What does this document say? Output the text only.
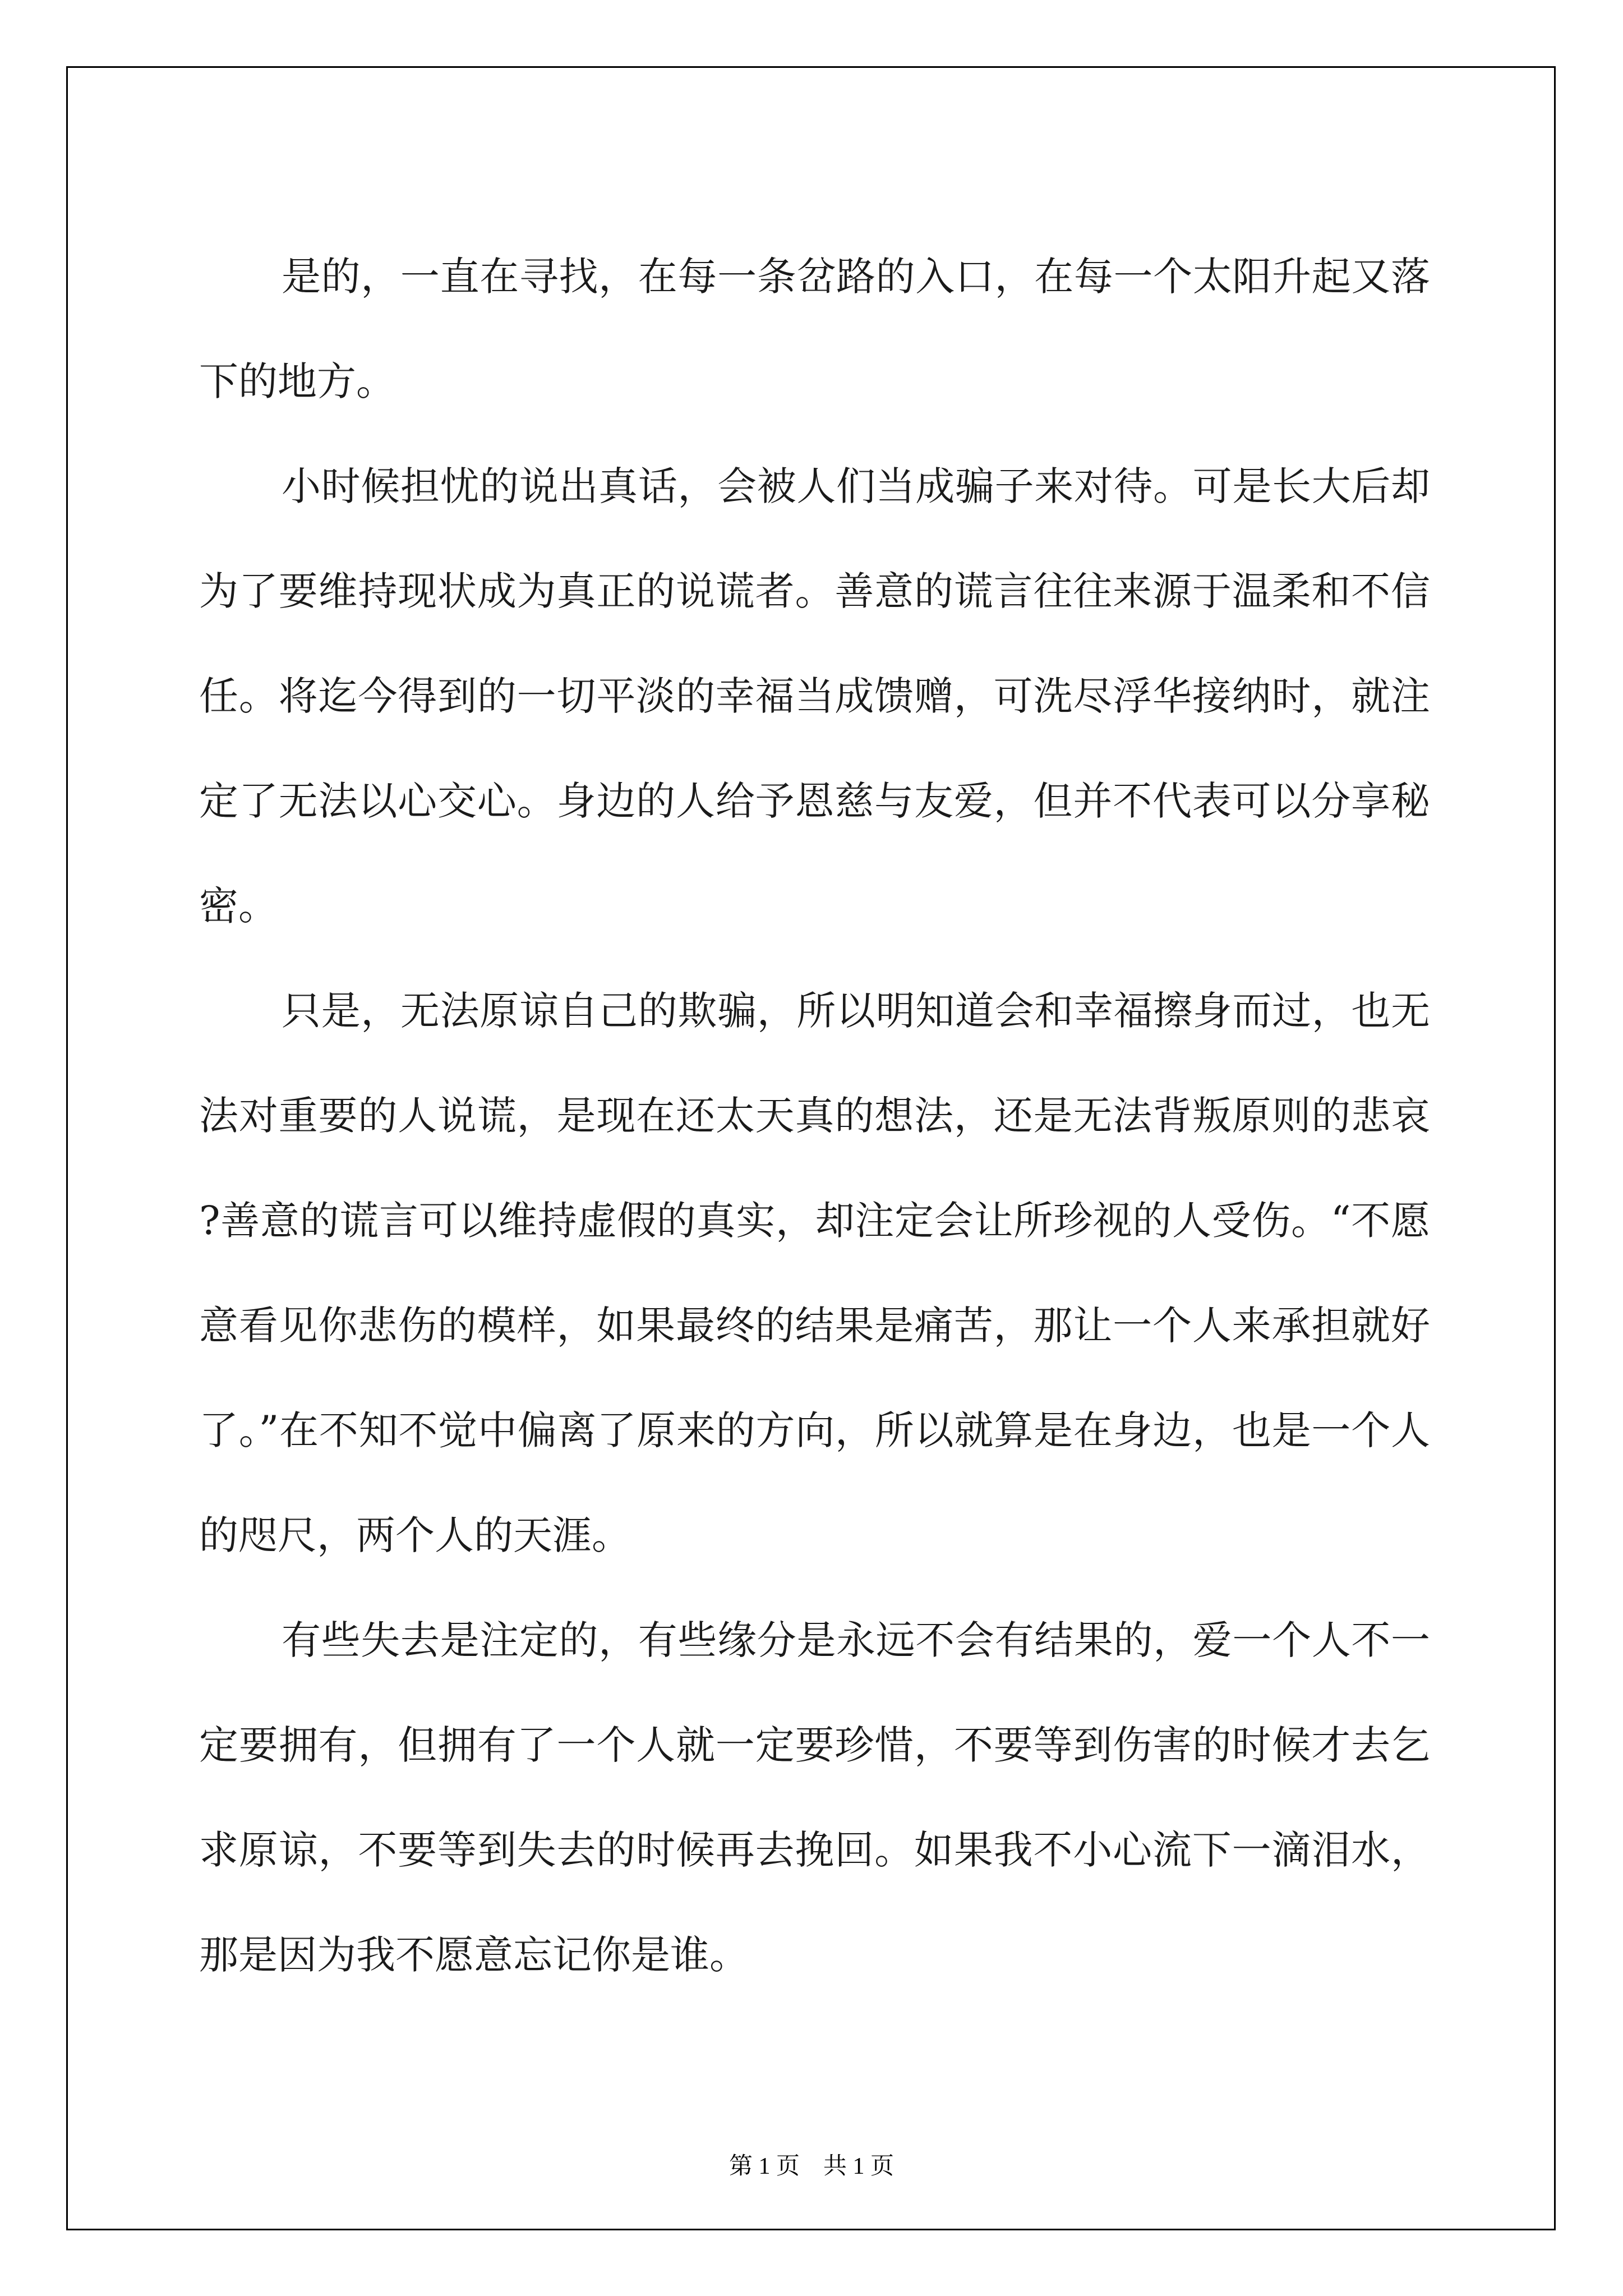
是的，一直在寻找，在每一条岔路的入口，在每一个太阳升起又落下的地方。

小时候担忧的说出真话，会被人们当成骗子来对待。可是长大后却为了要维持现状成为真正的说谎者。善意的谎言往往来源于温柔和不信任。将迄今得到的一切平淡的幸福当成馈赠，可洗尽浮华接纳时，就注定了无法以心交心。身边的人给予恩慈与友爱，但并不代表可以分享秘密。

只是，无法原谅自己的欺骗，所以明知道会和幸福擦身而过，也无法对重要的人说谎，是现在还太天真的想法，还是无法背叛原则的悲哀?善意的谎言可以维持虚假的真实，却注定会让所珍视的人受伤。“不愿意看见你悲伤的模样，如果最终的结果是痛苦，那让一个人来承担就好了。”在不知不觉中偏离了原来的方向，所以就算是在身边，也是一个人的咫尺，两个人的天涯。

有些失去是注定的，有些缘分是永远不会有结果的，爱一个人不一定要拥有，但拥有了一个人就一定要珍惜，不要等到伤害的时候才去乞求原谅，不要等到失去的时候再去挽回。如果我不小心流下一滴泪水，那是因为我不愿意忘记你是谁。

第 1 页　共 1 页
